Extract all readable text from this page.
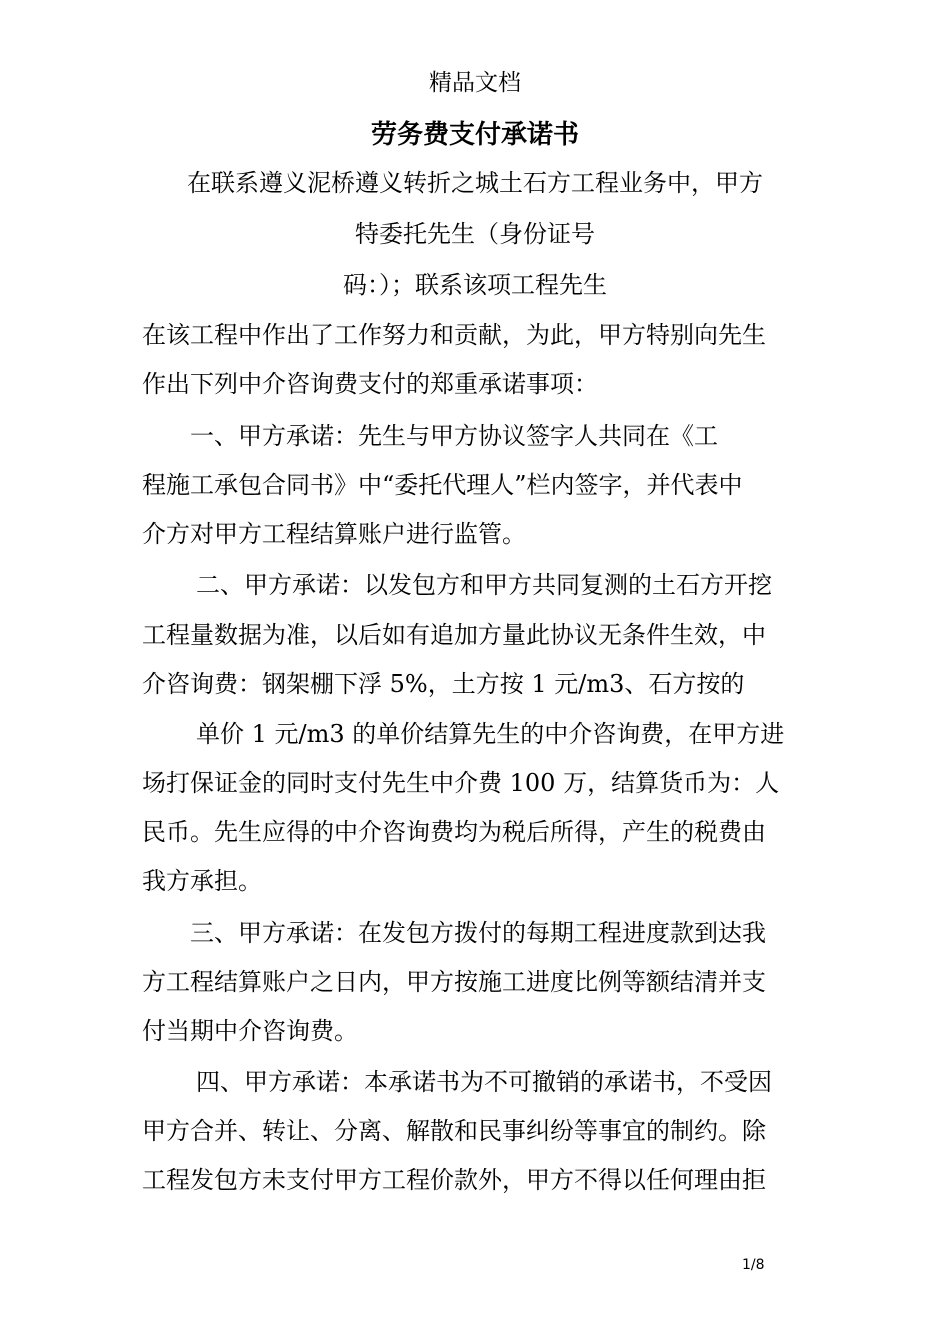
精品文档
劳务费支付承诺书
在联系遵义泥桥遵义转折之城土石方工程业务中，甲方
特委托先生（身份证号
码：）；联系该项工程先生
在该工程中作出了工作努力和贡献，为此，甲方特别向先生
作出下列中介咨询费支付的郑重承诺事项：
一、甲方承诺：先生与甲方协议签字人共同在《工
程施工承包合同书》中“委托代理人”栏内签字，并代表中
介方对甲方工程结算账户进行监管。
二、甲方承诺：以发包方和甲方共同复测的土石方开挖
工程量数据为准，以后如有追加方量此协议无条件生效，中
介咨询费：钢架棚下浮 5%，土方按 1 元/m3、石方按的
单价 1 元/m3 的单价结算先生的中介咨询费，在甲方进
场打保证金的同时支付先生中介费 100 万，结算货币为：人
民币。先生应得的中介咨询费均为税后所得，产生的税费由
我方承担。
三、甲方承诺：在发包方拨付的每期工程进度款到达我
方工程结算账户之日内，甲方按施工进度比例等额结清并支
付当期中介咨询费。
四、甲方承诺：本承诺书为不可撤销的承诺书，不受因
甲方合并、转让、分离、解散和民事纠纷等事宜的制约。除
工程发包方未支付甲方工程价款外，甲方不得以任何理由拒
1/8
